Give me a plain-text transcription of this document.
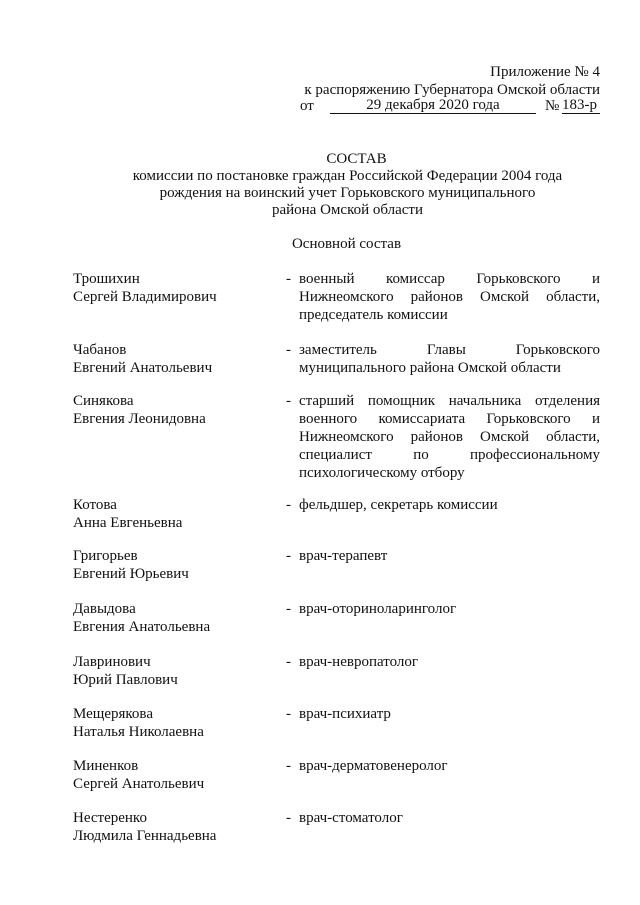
Приложение № 4
к распоряжению Губернатора Омской области
от	29 декабря 2020 года	№ 183-р
СОСТАВ
комиссии по постановке граждан Российской Федерации 2004 года
рождения на воинский учет Горьковского муниципального
района Омской области
Основной состав
Трошихин
Сергей Владимирович
- военный комиссар Горьковского и Нижнеомского районов Омской области, председатель комиссии
Чабанов
Евгений Анатольевич
- заместитель Главы Горьковского муниципального района Омской области
Синякова
Евгения Леонидовна
- старший помощник начальника отделения военного комиссариата Горьковского и Нижнеомского районов Омской области, специалист по профессиональному психологическому отбору
Котова
Анна Евгеньевна
- фельдшер, секретарь комиссии
Григорьев
Евгений Юрьевич
- врач-терапевт
Давыдова
Евгения Анатольевна
- врач-оториноларинголог
Лавринович
Юрий Павлович
- врач-невропатолог
Мещерякова
Наталья Николаевна
- врач-психиатр
Миненков
Сергей Анатольевич
- врач-дерматовенеролог
Нестеренко
Людмила Геннадьевна
- врач-стоматолог
